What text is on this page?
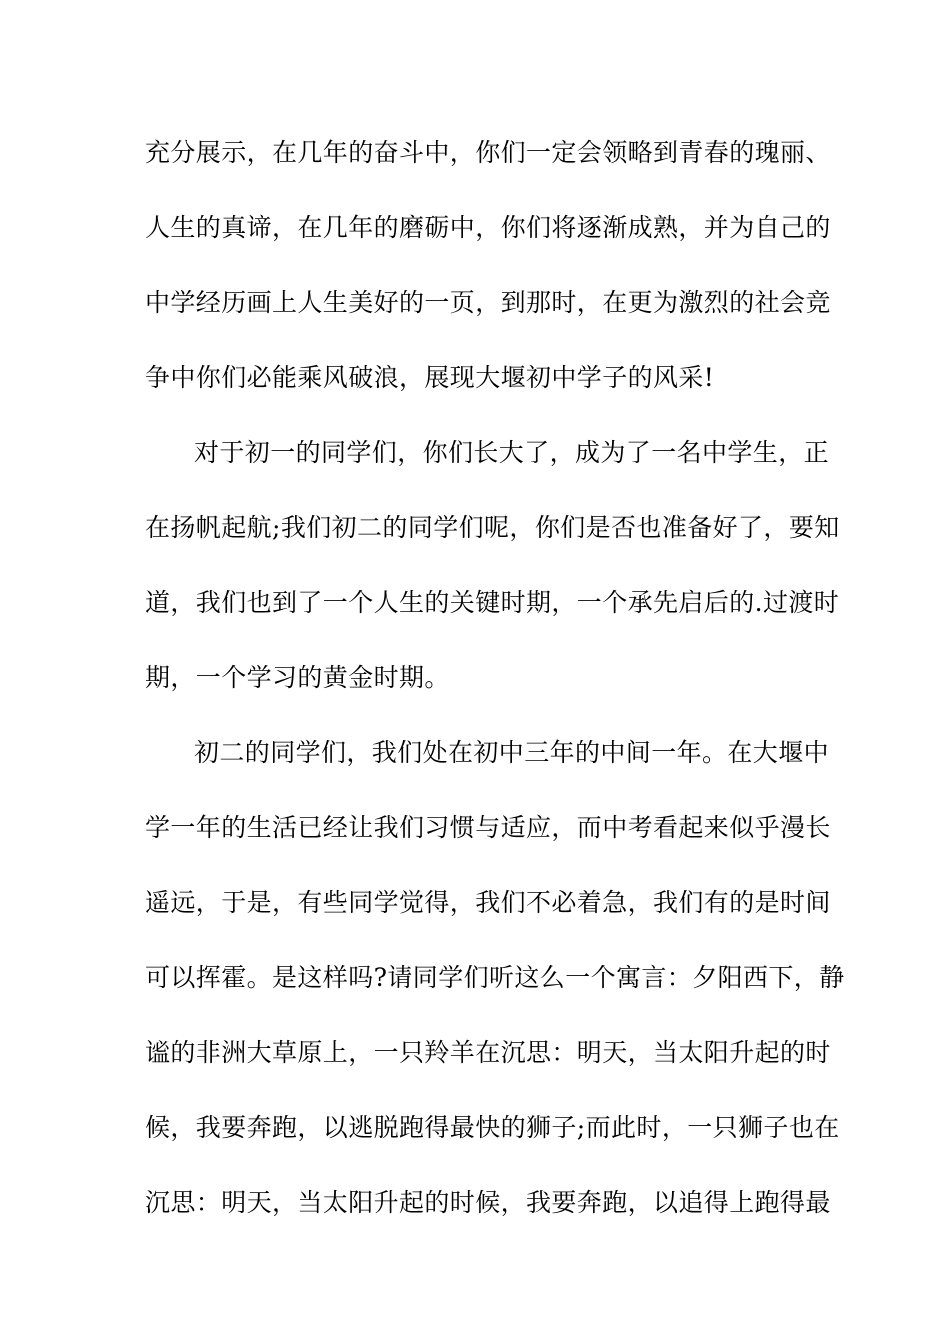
充分展示，在几年的奋斗中，你们一定会领略到青春的瑰丽、
人生的真谛，在几年的磨砺中，你们将逐渐成熟，并为自己的
中学经历画上人生美好的一页，到那时，在更为激烈的社会竞
争中你们必能乘风破浪，展现大堰初中学子的风采!
对于初一的同学们，你们长大了，成为了一名中学生，正
在扬帆起航;我们初二的同学们呢，你们是否也准备好了，要知
道，我们也到了一个人生的关键时期，一个承先启后的.过渡时
期，一个学习的黄金时期。
初二的同学们，我们处在初中三年的中间一年。在大堰中
学一年的生活已经让我们习惯与适应，而中考看起来似乎漫长
遥远，于是，有些同学觉得，我们不必着急，我们有的是时间
可以挥霍。是这样吗?请同学们听这么一个寓言：夕阳西下，静
谧的非洲大草原上，一只羚羊在沉思：明天，当太阳升起的时
候，我要奔跑，以逃脱跑得最快的狮子;而此时，一只狮子也在
沉思：明天，当太阳升起的时候，我要奔跑，以追得上跑得最
